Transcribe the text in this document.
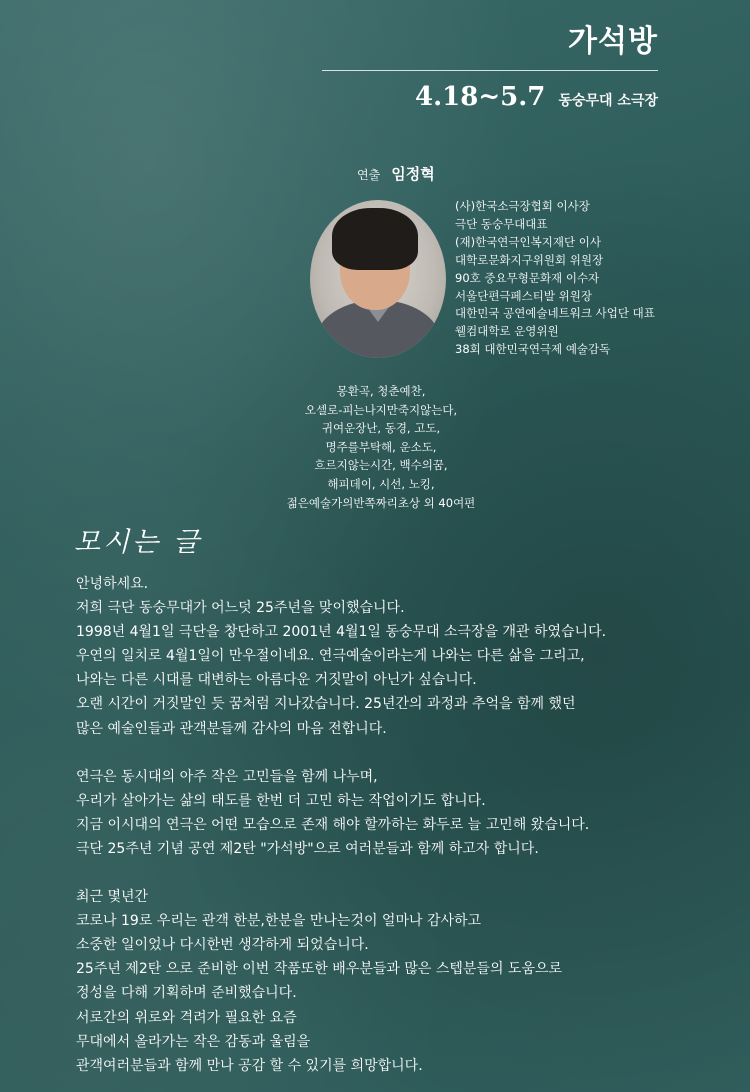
가석방
4.18~5.7 동숭무대 소극장
연출 임정혁
(사)한국소극장협회 이사장
극단 동숭무대대표
(재)한국연극인복지재단 이사
대학로문화지구위원회 위원장
90호 중요무형문화재 이수자
서울단편극페스티발 위원장
대한민국 공연예술네트워크 사업단 대표
웰컴대학로 운영위원
38회 대한민국연극제 예술감독
몽환곡, 청춘예찬,
오셀로-피는나지만죽지않는다,
귀여운장난, 동경, 고도,
명주를부탁해, 운소도,
흐르지않는시간, 백수의꿈,
해피데이, 시선, 노킹,
젊은예술가의반쪽짜리초상 외 40여편
모시는 글

안녕하세요.
저희 극단 동숭무대가 어느덧 25주년을 맞이했습니다.
1998년 4월1일 극단을 창단하고 2001년 4월1일 동숭무대 소극장을 개관 하였습니다.
우연의 일치로 4월1일이 만우절이네요. 연극예술이라는게 나와는 다른 삶을 그리고,
나와는 다른 시대를 대변하는 아름다운 거짓말이 아닌가 싶습니다.
오랜 시간이 거짓말인 듯 꿈처럼 지나갔습니다. 25년간의 과정과 추억을 함께 했던
많은 예술인들과 관객분들께 감사의 마음 전합니다.

연극은 동시대의 아주 작은 고민들을 함께 나누며,
우리가 살아가는 삶의 태도를 한번 더 고민 하는 작업이기도 합니다.
지금 이시대의 연극은 어떤 모습으로 존재 해야 할까하는 화두로 늘 고민해 왔습니다.
극단 25주년 기념 공연 제2탄 "가석방"으로 여러분들과 함께 하고자 합니다.

최근 몇년간
코로나 19로 우리는 관객 한분,한분을 만나는것이 얼마나 감사하고
소중한 일이었나 다시한번 생각하게 되었습니다.
25주년 제2탄 으로 준비한 이번 작품또한 배우분들과 많은 스텝분들의 도움으로
정성을 다해 기획하며 준비했습니다.
서로간의 위로와 격려가 필요한 요즘
무대에서 올라가는 작은 감동과 울림을
관객여러분들과 함께 만나 공감 할 수 있기를 희망합니다.
